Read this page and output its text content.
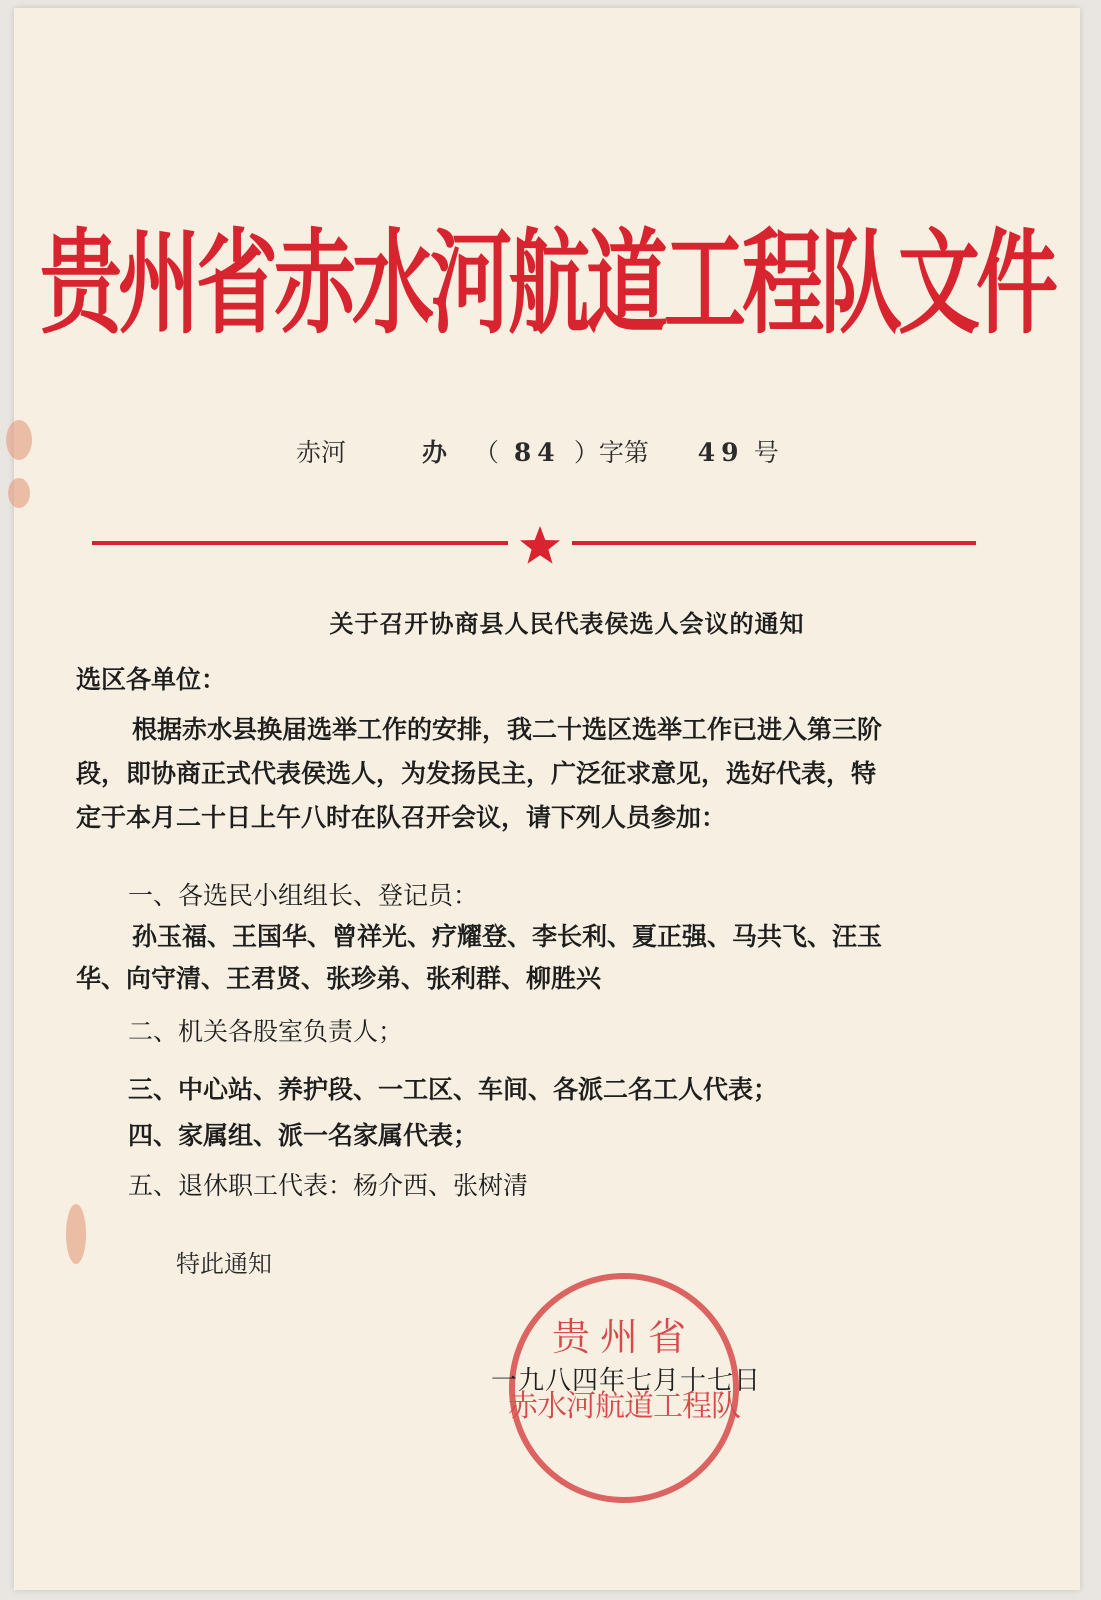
贵州省赤水河航道工程队文件
赤河	办 （ 84 ）字第 49 号
关于召开协商县人民代表侯选人会议的通知
选区各单位：
根据赤水县换届选举工作的安排，我二十选区选举工作已进入第三阶
段，即协商正式代表侯选人，为发扬民主，广泛征求意见，选好代表，特
定于本月二十日上午八时在队召开会议，请下列人员参加：
一、各选民小组组长、登记员：
孙玉福、王国华、曾祥光、疗耀登、李长利、夏正强、马共飞、汪玉
华、向守清、王君贤、张珍弟、张利群、柳胜兴
二、机关各股室负责人；
三、中心站、养护段、一工区、车间、各派二名工人代表；
四、家属组、派一名家属代表；
五、退休职工代表：杨介西、张树清
特此通知
贵州省
赤水河航道工程队
一九八四年七月十七日
